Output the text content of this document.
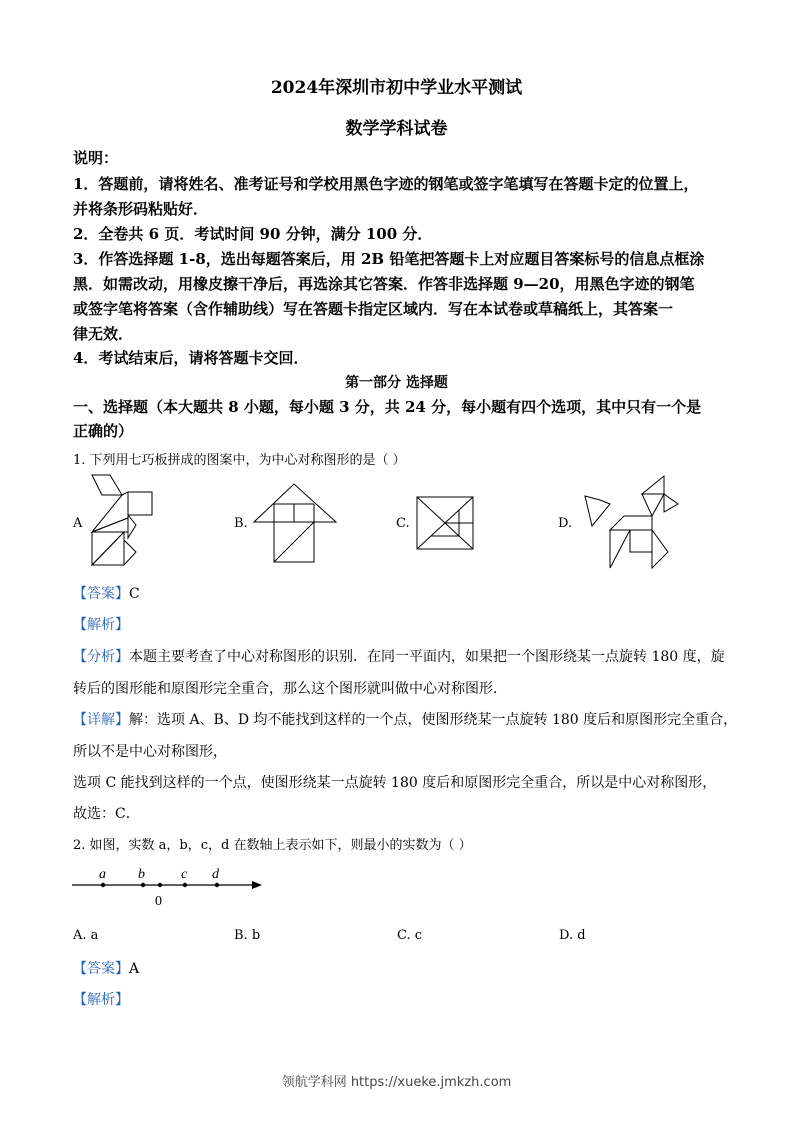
2024年深圳市初中学业水平测试
数学学科试卷
说明：
1．答题前，请将姓名、准考证号和学校用黑色字迹的钢笔或签字笔填写在答题卡定的位置上，
并将条形码粘贴好．
2．全卷共 6 页．考试时间 90 分钟，满分 100 分．
3．作答选择题 1-8，选出每题答案后，用 2B 铅笔把答题卡上对应题目答案标号的信息点框涂
黑．如需改动，用橡皮擦干净后，再选涂其它答案．作答非选择题 9—20，用黑色字迹的钢笔
或签字笔将答案（含作辅助线）写在答题卡指定区域内．写在本试卷或草稿纸上，其答案一
律无效．
4．考试结束后，请将答题卡交回．
第一部分 选择题
一、选择题（本大题共 8 小题，每小题 3 分，共 24 分，每小题有四个选项，其中只有一个是
正确的）
1. 下列用七巧板拼成的图案中，为中心对称图形的是（ ）
A	B.	C.	D.
【答案】C
【解析】
【分析】本题主要考查了中心对称图形的识别．在同一平面内，如果把一个图形绕某一点旋转 180 度，旋
转后的图形能和原图形完全重合，那么这个图形就叫做中心对称图形．
【详解】解：选项 A、B、D 均不能找到这样的一个点，使图形绕某一点旋转 180 度后和原图形完全重合，
所以不是中心对称图形，
选项 C 能找到这样的一个点，使图形绕某一点旋转 180 度后和原图形完全重合，所以是中心对称图形，
故选：C．
2. 如图，实数 a，b，c，d 在数轴上表示如下，则最小的实数为（ ）
a b	c d
0
A. a	B. b	C. c	D. d
【答案】A
【解析】
领航学科网 https://xueke.jmkzh.com
